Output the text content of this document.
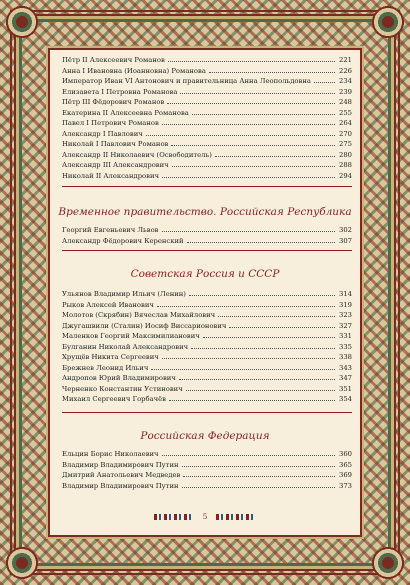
Пётр II Алексеевич Романов	221
Анна I Ивановна (Иоанновна) Романова	226
Император Иван VI Антонович и правительница Анна Леопольдовна	234
Елизавета I Петровна Романова	239
Пётр III Фёдорович Романов	248
Екатерина II Алексеевна Романова	255
Павел I Петрович Романов	264
Александр I Павлович	270
Николай I Павлович Романов	275
Александр II Николаевич (Освободитель)	280
Александр III Александрович	288
Николай II Александрович	294
Временное правительство. Российская Республика
Георгий Евгеньевич Львов	302
Александр Фёдорович Керенский	307
Советская Россия и СССР
Ульянов Владимир Ильич (Ленин)	314
Рыков Алексей Иванович	319
Молотов (Скрябин) Вячеслав Михайлович	323
Джугашвили (Сталин) Иосиф Виссарионович	327
Маленков Георгий Максимилианович	331
Булганин Николай Александрович	335
Хрущёв Никита Сергеевич	338
Брежнев Леонид Ильич	343
Андропов Юрий Владимирович	347
Черненко Константин Устинович	351
Михаил Сергеевич Горбачёв	354
Российская Федерация
Ельцин Борис Николаевич	360
Владимир Владимирович Путин	365
Дмитрий Анатольевич Медведев	369
Владимир Владимирович Путин	373
5
